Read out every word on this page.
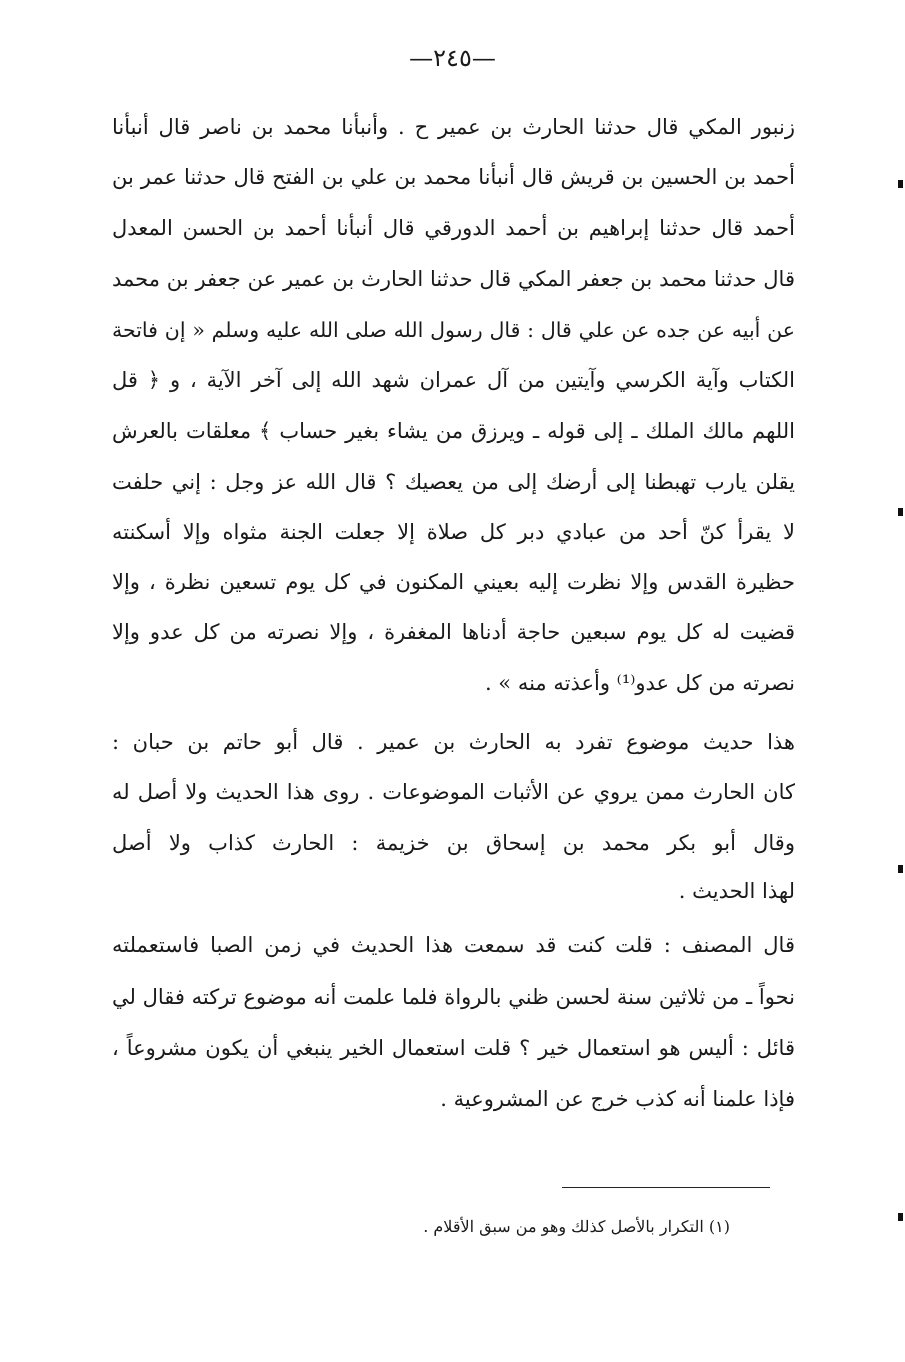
—٢٤٥—
زنبور المكي قال حدثنا الحارث بن عمير ح . وأنبأنا محمد بن ناصر قال أنبأنا
أحمد بن الحسين بن قريش قال أنبأنا محمد بن علي بن الفتح قال حدثنا عمر بن
أحمد قال حدثنا إبراهيم بن أحمد الدورقي قال أنبأنا أحمد بن الحسن المعدل
قال حدثنا محمد بن جعفر المكي قال حدثنا الحارث بن عمير عن جعفر بن محمد
عن أبيه عن جده عن علي قال : قال رسول الله صلى الله عليه وسلم « إن فاتحة
الكتاب وآية الكرسي وآيتين من آل عمران شهد الله إلى آخر الآية ، و ﴿ قل
اللهم مالك الملك ـ إلى قوله ـ ويرزق من يشاء بغير حساب ﴾ معلقات بالعرش
يقلن يارب تهبطنا إلى أرضك إلى من يعصيك ؟ قال الله عز وجل : إني حلفت
لا يقرأ كنّ أحد من عبادي دبر كل صلاة إلا جعلت الجنة مثواه وإلا أسكنته
حظيرة القدس وإلا نظرت إليه بعيني المكنون في كل يوم تسعين نظرة ، وإلا
قضيت له كل يوم سبعين حاجة أدناها المغفرة ، وإلا نصرته من كل عدو وإلا
نصرته من كل عدو⁽¹⁾ وأعذته منه » .
هذا حديث موضوع تفرد به الحارث بن عمير . قال أبو حاتم بن حبان :
كان الحارث ممن يروي عن الأثبات الموضوعات . روى هذا الحديث ولا أصل له
وقال أبو بكر محمد بن إسحاق بن خزيمة : الحارث كذاب ولا أصل
لهذا الحديث .
قال المصنف : قلت كنت قد سمعت هذا الحديث في زمن الصبا فاستعملته
نحواً ـ من ثلاثين سنة لحسن ظني بالرواة فلما علمت أنه موضوع تركته فقال لي
قائل : أليس هو استعمال خير ؟ قلت استعمال الخير ينبغي أن يكون مشروعاً ،
فإذا علمنا أنه كذب خرج عن المشروعية .
(١) التكرار بالأصل كذلك وهو من سبق الأقلام .
